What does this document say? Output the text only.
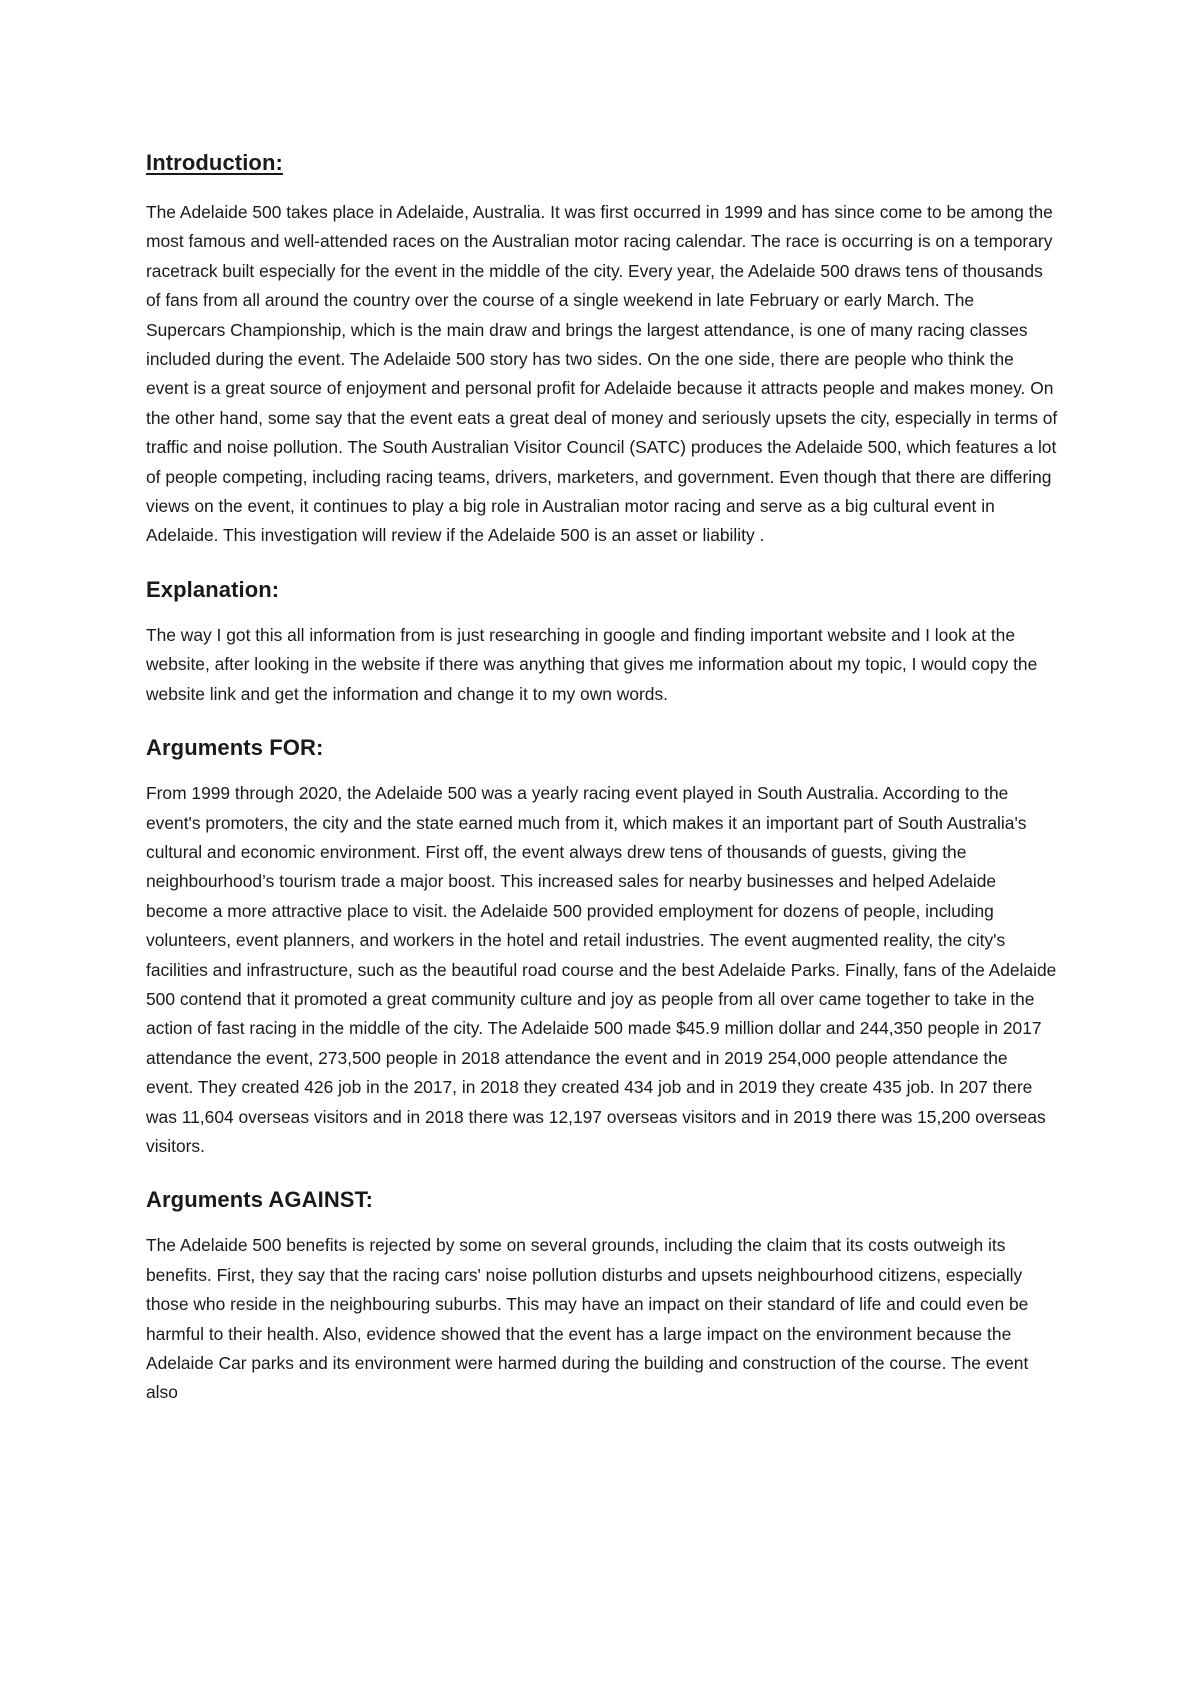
Introduction:

The Adelaide 500 takes place in Adelaide, Australia. It was first occurred in 1999 and has since come to be among the most famous and well-attended races on the Australian motor racing calendar. The race is occurring is on a temporary racetrack built especially for the event in the middle of the city. Every year, the Adelaide 500 draws tens of thousands of fans from all around the country over the course of a single weekend in late February or early March. The Supercars Championship, which is the main draw and brings the largest attendance, is one of many racing classes included during the event. The Adelaide 500 story has two sides. On the one side, there are people who think the event is a great source of enjoyment and personal profit for Adelaide because it attracts people and makes money. On the other hand, some say that the event eats a great deal of money and seriously upsets the city, especially in terms of traffic and noise pollution. The South Australian Visitor Council (SATC) produces the Adelaide 500, which features a lot of people competing, including racing teams, drivers, marketers, and government. Even though that there are differing views on the event, it continues to play a big role in Australian motor racing and serve as a big cultural event in Adelaide. This investigation will review if the Adelaide 500 is an asset or liability .

Explanation:

The way I got this all information from is just researching in google and finding important website and I look at the website, after looking in the website if there was anything that gives me information about my topic, I would copy the website link and get the information and change it to my own words.

Arguments FOR:

From 1999 through 2020, the Adelaide 500 was a yearly racing event played in South Australia. According to the event's promoters, the city and the state earned much from it, which makes it an important part of South Australia's cultural and economic environment. First off, the event always drew tens of thousands of guests, giving the neighbourhood’s tourism trade a major boost. This increased sales for nearby businesses and helped Adelaide become a more attractive place to visit. the Adelaide 500 provided employment for dozens of people, including volunteers, event planners, and workers in the hotel and retail industries. The event augmented reality, the city's facilities and infrastructure, such as the beautiful road course and the best Adelaide Parks. Finally, fans of the Adelaide 500 contend that it promoted a great community culture and joy as people from all over came together to take in the action of fast racing in the middle of the city. The Adelaide 500 made $45.9 million dollar and 244,350 people in 2017 attendance the event, 273,500 people in 2018 attendance the event and in 2019 254,000 people attendance the event. They created 426 job in the 2017, in 2018 they created 434 job and in 2019 they create 435 job. In 207 there was 11,604 overseas visitors and in 2018 there was 12,197 overseas visitors and in 2019 there was 15,200 overseas visitors.

Arguments AGAINST:

The Adelaide 500 benefits is rejected by some on several grounds, including the claim that its costs outweigh its benefits. First, they say that the racing cars' noise pollution disturbs and upsets neighbourhood citizens, especially those who reside in the neighbouring suburbs. This may have an impact on their standard of life and could even be harmful to their health. Also, evidence showed that the event has a large impact on the environment because the Adelaide Car parks and its environment were harmed during the building and construction of the course. The event also
